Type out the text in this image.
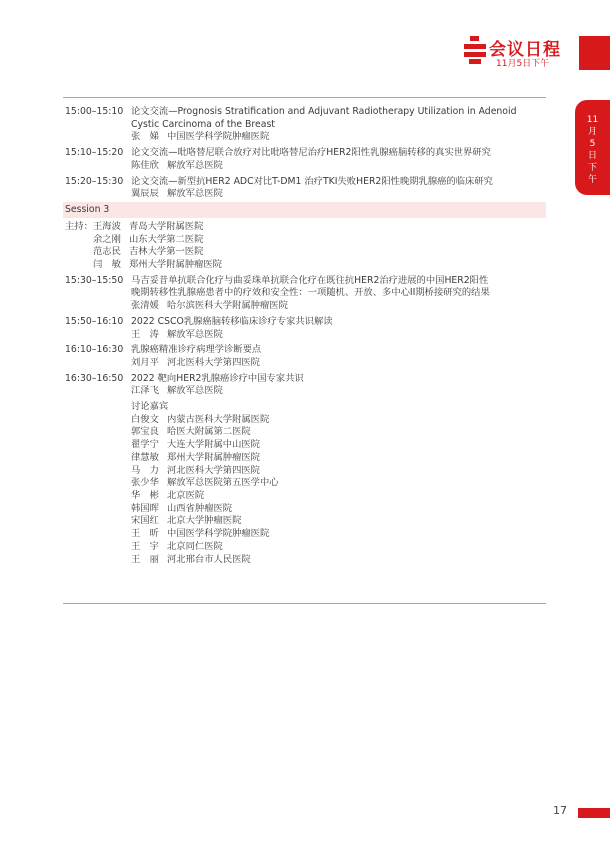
会议日程
11月5日下午
11
月
5
日
下
午
15:00–15:10 论文交流—Prognosis Stratification and Adjuvant Radiotherapy Utilization in Adenoid
Cystic Carcinoma of the Breast
张　娣 中国医学科学院肿瘤医院
15:10–15:20 论文交流—吡咯替尼联合放疗对比吡咯替尼治疗HER2阳性乳腺癌脑转移的真实世界研究
陈佳欣 解放军总医院
15:20–15:30 论文交流—新型抗HER2 ADC对比T-DM1 治疗TKI失败HER2阳性晚期乳腺癌的临床研究
翼辰辰 解放军总医院
Session 3
主持： 王海波 青岛大学附属医院
余之刚 山东大学第二医院
范志民 吉林大学第一医院
闫　敏 郑州大学附属肿瘤医院
15:30–15:50 马吉妥昔单抗联合化疗与曲妥珠单抗联合化疗在既往抗HER2治疗进展的中国HER2阳性
晚期转移性乳腺癌患者中的疗效和安全性：一项随机、开放、多中心II期桥接研究的结果
张清媛 哈尔滨医科大学附属肿瘤医院
15:50–16:10 2022 CSCO乳腺癌脑转移临床诊疗专家共识解读
王　涛 解放军总医院
16:10–16:30 乳腺癌精准诊疗病理学诊断要点
刘月平 河北医科大学第四医院
16:30–16:50 2022 靶向HER2乳腺癌诊疗中国专家共识
江泽飞 解放军总医院
讨论嘉宾
白俊文 内蒙古医科大学附属医院
郭宝良 哈医大附属第二医院
翟学宁 大连大学附属中山医院
律慧敏 郑州大学附属肿瘤医院
马　力 河北医科大学第四医院
张少华 解放军总医院第五医学中心
华　彬 北京医院
韩国晖 山西省肿瘤医院
宋国红 北京大学肿瘤医院
王　昕 中国医学科学院肿瘤医院
王　宇 北京同仁医院
王　丽 河北邢台市人民医院
17
